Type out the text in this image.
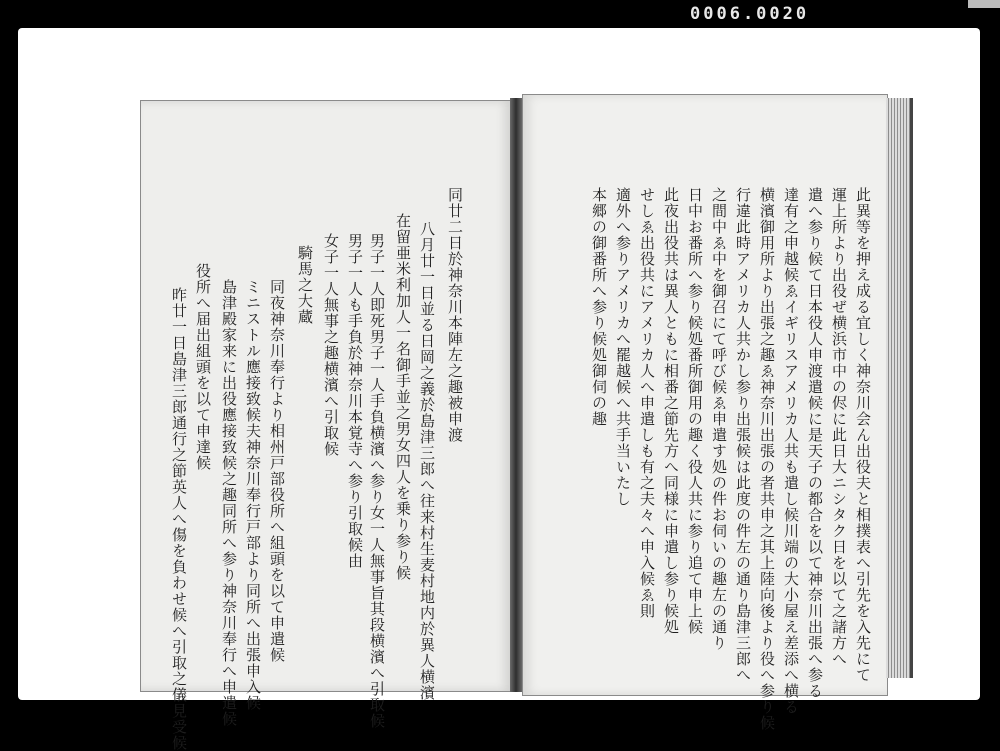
0006.0020
同廿二日於神奈川本陣左之趣被申渡
八月廿一日並る日岡之義於島津三郎へ往来村生麦村地内於異人横濱
在留亜米利加人一名御手並之男女四人を乗り参り候
男子一人即死男子一人手負横濱へ参り女一人無事旨其段横濱へ引取候
男子一人も手負於神奈川本覚寺へ参り引取候由
女子一人無事之趣横濱へ引取候
騎馬之大蔵
同夜神奈川奉行より相州戸部役所へ組頭を以て申遣候
ミニストル應接致候夫神奈川奉行戸部より同所へ出張申入候
島津殿家来に出役應接致候之趣同所へ参り神奈川奉行へ申遣候
役所へ届出組頭を以て申達候
昨廿一日島津三郎通行之節英人へ傷を負わせ候へ引取之儀見受候	此異等を押え成る宜しく神奈川会ん出役夫と相撲表へ引先を入先にて
運上所より出役ぜ横浜市中の侭に此日大ニシタク日を以て之諸方へ
遣へ参り候て日本役人申渡遣候に是天子の都合を以て神奈川出張へ参る
達有之申越候ゑイギリスアメリカ人共も遣し候川端の大小屋え差添へ横る
横濱御用所より出張之趣ゑ神奈川出張の者共申之其上陸向後より役へ参り候
行違此時アメリカ人共かし参り出張候は此度の件左の通り島津三郎へ
之間中ゑ中を御召にて呼び候ゑ申遣す処の件お伺いの趣左の通り
日中お番所へ参り候処番所御用の趣く役人共に参り追て申上候
此夜出役共は異人ともに相番之節先方へ同様に申遣し参り候処
せしゑ出役共にアメリカ人へ申遣しも有之夫々へ申入候ゑ則
適外へ参りアメリカへ罷越候へ共手当いたし
本郷の御番所へ参り候処御伺の趣
